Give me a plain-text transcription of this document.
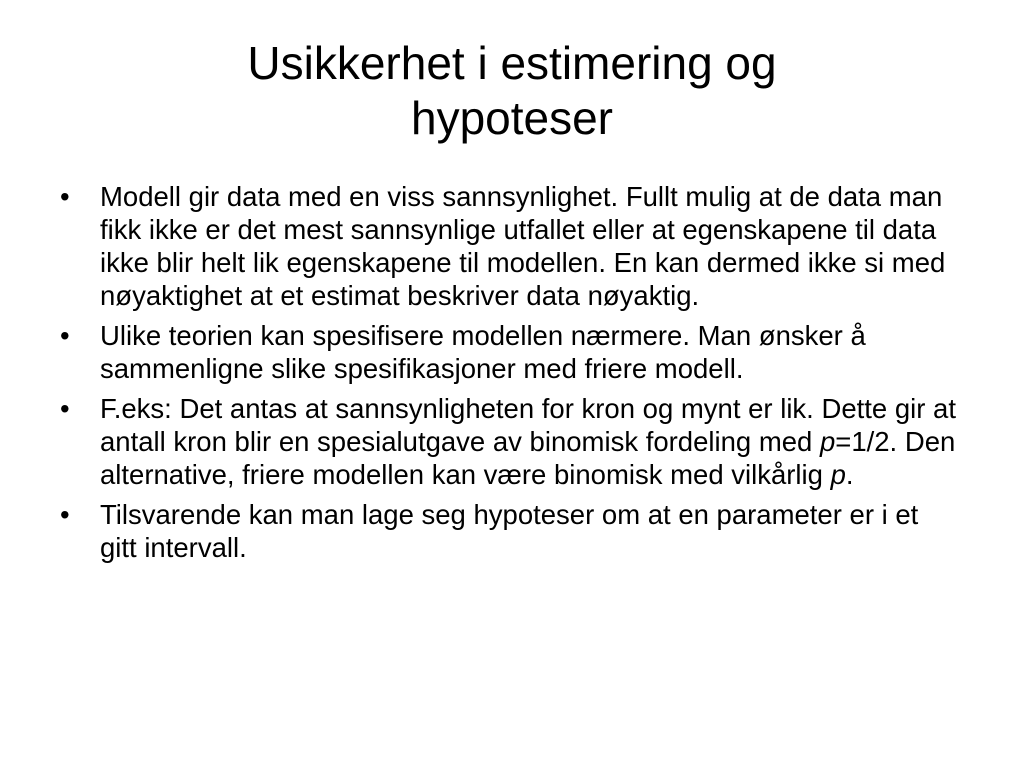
Usikkerhet i estimering og
hypoteser
• Modell gir data med en viss sannsynlighet. Fullt mulig at de data man fikk ikke er det mest sannsynlige utfallet eller at egenskapene til data ikke blir helt lik egenskapene til modellen. En kan dermed ikke si med nøyaktighet at et estimat beskriver data nøyaktig.
• Ulike teorien kan spesifisere modellen nærmere. Man ønsker å sammenligne slike spesifikasjoner med friere modell.
• F.eks: Det antas at sannsynligheten for kron og mynt er lik. Dette gir at antall kron blir en spesialutgave av binomisk fordeling med p=1/2. Den alternative, friere modellen kan være binomisk med vilkårlig p.
• Tilsvarende kan man lage seg hypoteser om at en parameter er i et gitt intervall.
